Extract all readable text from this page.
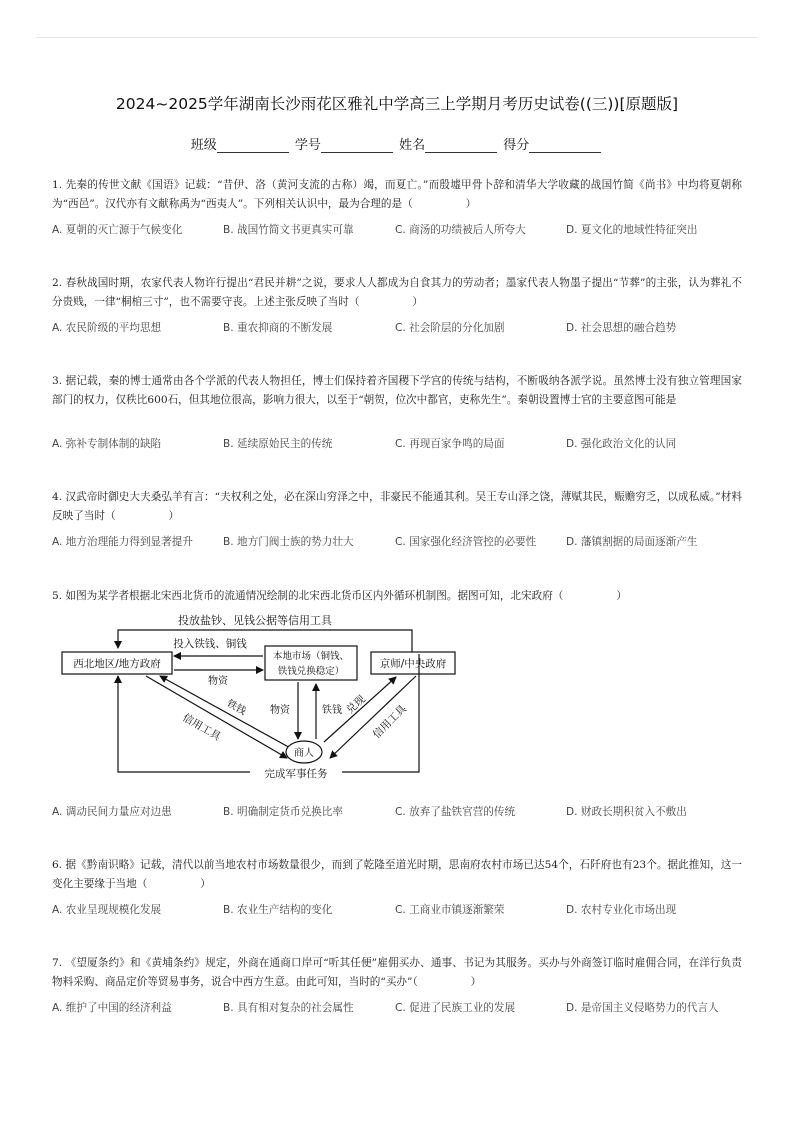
2024~2025学年湖南长沙雨花区雅礼中学高三上学期月考历史试卷((三))[原题版]
班级	学号	姓名	得分
1. 先秦的传世文献《国语》记载：“昔伊、洛（黄河支流的古称）竭，而夏亡。”而殷墟甲骨卜辞和清华大学收藏的战国竹简《尚书》中均将夏朝称为“西邑”。汉代亦有文献称禹为“西夷人”。下列相关认识中，最为合理的是（　　　　　）
A. 夏朝的灭亡源于气候变化	B. 战国竹简文书更真实可靠	C. 商汤的功绩被后人所夸大	D. 夏文化的地域性特征突出
2. 春秋战国时期，农家代表人物许行提出“君民并耕”之说，要求人人都成为自食其力的劳动者；墨家代表人物墨子提出“节葬”的主张，认为葬礼不分贵贱，一律“桐棺三寸”，也不需要守丧。上述主张反映了当时（　　　　　）
A. 农民阶级的平均思想	B. 重农抑商的不断发展	C. 社会阶层的分化加剧	D. 社会思想的融合趋势
3. 据记载，秦的博士通常由各个学派的代表人物担任，博士们保持着齐国稷下学宫的传统与结构，不断吸纳各派学说。虽然博士没有独立管理国家部门的权力，仅秩比600石，但其地位很高，影响力很大，以至于“朝贺，位次中都官，吏称先生”。秦朝设置博士官的主要意图可能是
A. 弥补专制体制的缺陷	B. 延续原始民主的传统	C. 再现百家争鸣的局面	D. 强化政治文化的认同
4. 汉武帝时御史大夫桑弘羊有言：“夫权利之处，必在深山穷泽之中，非豪民不能通其利。吴王专山泽之饶，薄赋其民，赈赡穷乏，以成私威。”材料反映了当时（　　　　　）
A. 地方治理能力得到显著提升	B. 地方门阀士族的势力壮大	C. 国家强化经济管控的必要性	D. 藩镇割据的局面逐渐产生
5. 如图为某学者根据北宋西北货币的流通情况绘制的北宋西北货币区内外循环机制图。据图可知，北宋政府（　　　　　）
投放盐钞、见钱公据等信用工具
西北地区/地方政府
本地市场（铜钱、
铁钱兑换稳定）
京师/中央政府
投入铁钱、铜钱
物资
铁钱
信用工具
商人
物资	铁钱 兑现 信用工具
完成军事任务
A. 调动民间力量应对边患	B. 明确制定货币兑换比率	C. 放弃了盐铁官营的传统	D. 财政长期积贫入不敷出
6. 据《黔南识略》记载，清代以前当地农村市场数量很少，而到了乾隆至道光时期，思南府农村市场已达54个，石阡府也有23个。据此推知，这一变化主要缘于当地（　　　　　）
A. 农业呈现规模化发展	B. 农业生产结构的变化	C. 工商业市镇逐渐繁荣	D. 农村专业化市场出现
7. 《望厦条约》和《黄埔条约》规定，外商在通商口岸可“听其任便”雇佣买办、通事、书记为其服务。买办与外商签订临时雇佣合同，在洋行负责物料采购、商品定价等贸易事务，说合中西方生意。由此可知，当时的“买办”（　　　　　）
A. 维护了中国的经济利益	B. 具有相对复杂的社会属性	C. 促进了民族工业的发展	D. 是帝国主义侵略势力的代言人
